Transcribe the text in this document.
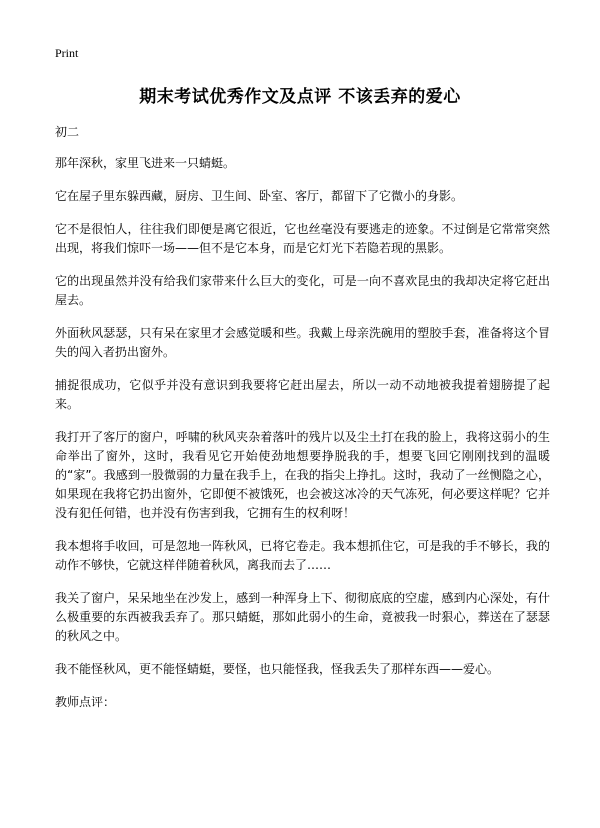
Print
期末考试优秀作文及点评 不该丢弃的爱心

初二

那年深秋，家里飞进来一只蜻蜓。

它在屋子里东躲西藏，厨房、卫生间、卧室、客厅，都留下了它微小的身影。

它不是很怕人，往往我们即便是离它很近，它也丝毫没有要逃走的迹象。不过倒是它常常突然出现，将我们惊吓一场——但不是它本身，而是它灯光下若隐若现的黑影。

它的出现虽然并没有给我们家带来什么巨大的变化，可是一向不喜欢昆虫的我却决定将它赶出屋去。

外面秋风瑟瑟，只有呆在家里才会感觉暖和些。我戴上母亲洗碗用的塑胶手套，准备将这个冒失的闯入者扔出窗外。

捕捉很成功，它似乎并没有意识到我要将它赶出屋去，所以一动不动地被我提着翅膀提了起来。

我打开了客厅的窗户，呼啸的秋风夹杂着落叶的残片以及尘土打在我的脸上，我将这弱小的生命举出了窗外，这时，我看见它开始使劲地想要挣脱我的手，想要飞回它刚刚找到的温暖的“家”。我感到一股微弱的力量在我手上，在我的指尖上挣扎。这时，我动了一丝恻隐之心，如果现在我将它扔出窗外，它即便不被饿死，也会被这冰冷的天气冻死，何必要这样呢？它并没有犯任何错，也并没有伤害到我，它拥有生的权利呀！

我本想将手收回，可是忽地一阵秋风，已将它卷走。我本想抓住它，可是我的手不够长，我的动作不够快，它就这样伴随着秋风，离我而去了……

我关了窗户，呆呆地坐在沙发上，感到一种浑身上下、彻彻底底的空虚，感到内心深处，有什么极重要的东西被我丢弃了。那只蜻蜓，那如此弱小的生命，竟被我一时狠心，葬送在了瑟瑟的秋风之中。

我不能怪秋风，更不能怪蜻蜓，要怪，也只能怪我，怪我丢失了那样东西——爱心。

教师点评：
